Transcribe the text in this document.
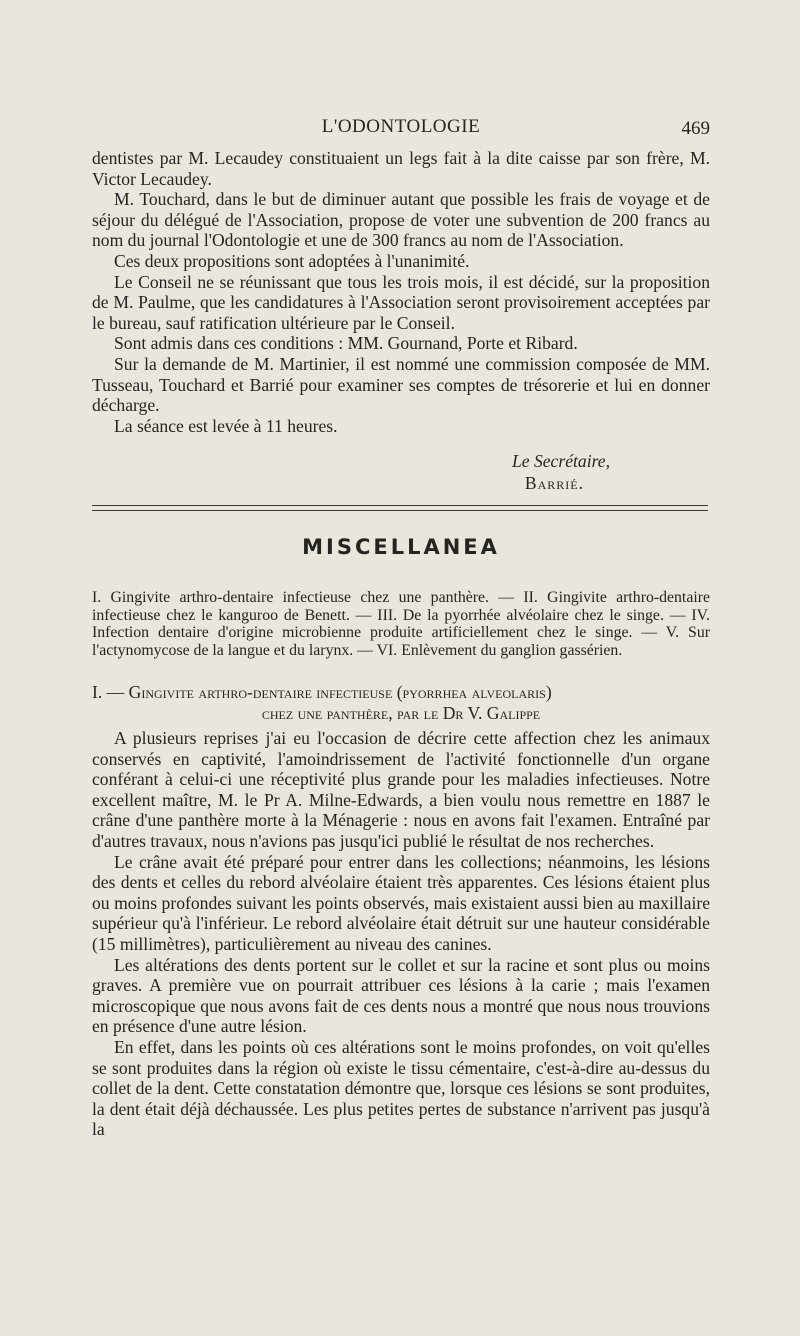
L'ODONTOLOGIE	469

dentistes par M. Lecaudey constituaient un legs fait à la dite caisse par son frère, M. Victor Lecaudey.

M. Touchard, dans le but de diminuer autant que possible les frais de voyage et de séjour du délégué de l'Association, propose de voter une subvention de 200 francs au nom du journal l'Odontologie et une de 300 francs au nom de l'Association.

Ces deux propositions sont adoptées à l'unanimité.

Le Conseil ne se réunissant que tous les trois mois, il est décidé, sur la proposition de M. Paulme, que les candidatures à l'Association seront provisoirement acceptées par le bureau, sauf ratification ultérieure par le Conseil.

Sont admis dans ces conditions : MM. Gournand, Porte et Ribard.

Sur la demande de M. Martinier, il est nommé une commission composée de MM. Tusseau, Touchard et Barrié pour examiner ses comptes de trésorerie et lui en donner décharge.

La séance est levée à 11 heures.

Le Secrétaire,
Barrié.
MISCELLANEA
I. Gingivite arthro-dentaire infectieuse chez une panthère. — II. Gingivite arthro-dentaire infectieuse chez le kanguroo de Benett. — III. De la pyorrhée alvéolaire chez le singe. — IV. Infection dentaire d'origine microbienne produite artificiellement chez le singe. — V. Sur l'actynomycose de la langue et du larynx. — VI. Enlèvement du ganglion gassérien.
I. — Gingivite arthro-dentaire infectieuse (pyorrhea alveolaris)
chez une panthère, par le Dr V. Galippe

A plusieurs reprises j'ai eu l'occasion de décrire cette affection chez les animaux conservés en captivité, l'amoindrissement de l'activité fonctionnelle d'un organe conférant à celui-ci une réceptivité plus grande pour les maladies infectieuses. Notre excellent maître, M. le Pr A. Milne-Edwards, a bien voulu nous remettre en 1887 le crâne d'une panthère morte à la Ménagerie : nous en avons fait l'examen. Entraîné par d'autres travaux, nous n'avions pas jusqu'ici publié le résultat de nos recherches.

Le crâne avait été préparé pour entrer dans les collections; néanmoins, les lésions des dents et celles du rebord alvéolaire étaient très apparentes. Ces lésions étaient plus ou moins profondes suivant les points observés, mais existaient aussi bien au maxillaire supérieur qu'à l'inférieur. Le rebord alvéolaire était détruit sur une hauteur considérable (15 millimètres), particulièrement au niveau des canines.

Les altérations des dents portent sur le collet et sur la racine et sont plus ou moins graves. A première vue on pourrait attribuer ces lésions à la carie ; mais l'examen microscopique que nous avons fait de ces dents nous a montré que nous nous trouvions en présence d'une autre lésion.

En effet, dans les points où ces altérations sont le moins profondes, on voit qu'elles se sont produites dans la région où existe le tissu cémentaire, c'est-à-dire au-dessus du collet de la dent. Cette constatation démontre que, lorsque ces lésions se sont produites, la dent était déjà déchaussée. Les plus petites pertes de substance n'arrivent pas jusqu'à la
